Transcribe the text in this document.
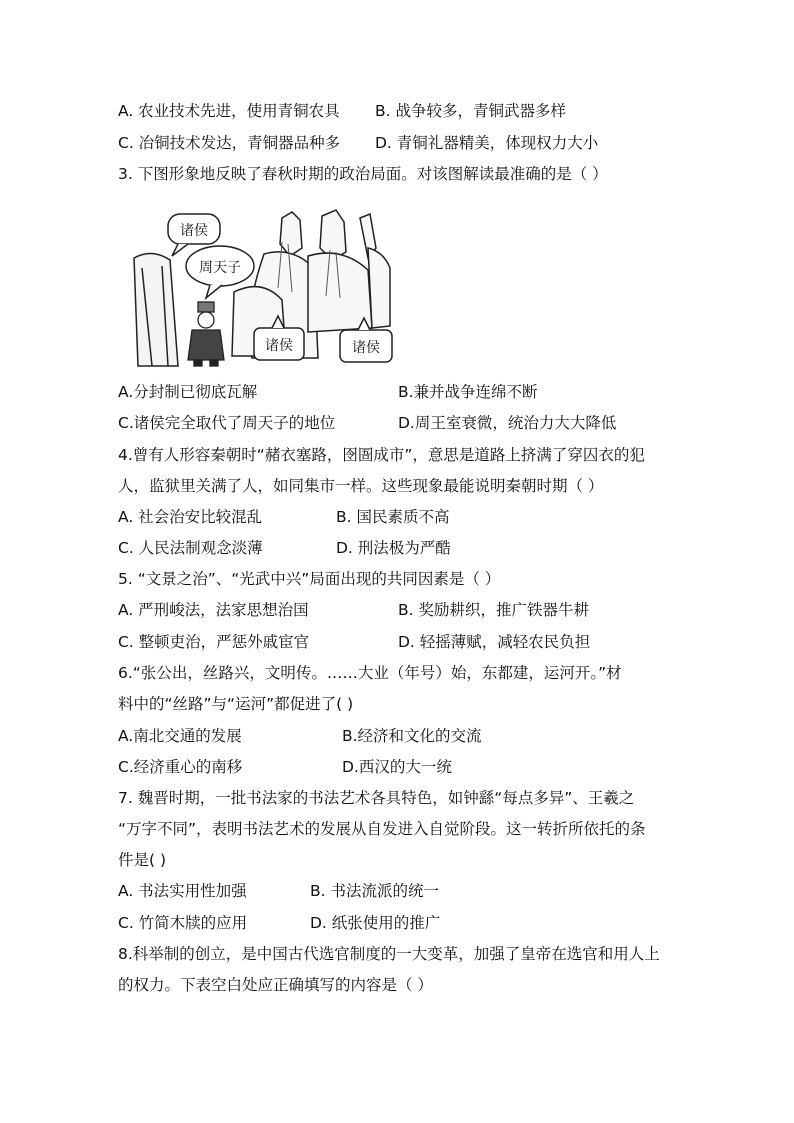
A. 农业技术先进，使用青铜农具 B. 战争较多，青铜武器多样
C. 冶铜技术发达，青铜器品种多 D. 青铜礼器精美，体现权力大小
3. 下图形象地反映了春秋时期的政治局面。对该图解读最准确的是（ ）
诸侯
周天子
诸侯	诸侯
A.分封制已彻底瓦解	B.兼并战争连绵不断
C.诸侯完全取代了周天子的地位	D.周王室衰微，统治力大大降低
4.曾有人形容秦朝时“赭衣塞路，囹圄成市”，意思是道路上挤满了穿囚衣的犯
人，监狱里关满了人，如同集市一样。这些现象最能说明秦朝时期（ ）
A. 社会治安比较混乱	B. 国民素质不高
C. 人民法制观念淡薄	D. 刑法极为严酷
5. “文景之治”、“光武中兴”局面出现的共同因素是（ ）
A. 严刑峻法，法家思想治国	B. 奖励耕织，推广铁器牛耕
C. 整顿吏治，严惩外戚宦官	D. 轻摇薄赋，减轻农民负担
6.“张公出，丝路兴，文明传。……大业（年号）始，东都建，运河开。”材
料中的“丝路”与“运河”都促进了( )
A.南北交通的发展	B.经济和文化的交流
C.经济重心的南移	D.西汉的大一统
7. 魏晋时期，一批书法家的书法艺术各具特色，如钟繇“每点多异”、王羲之
“万字不同”，表明书法艺术的发展从自发进入自觉阶段。这一转折所依托的条
件是( )
A. 书法实用性加强	B. 书法流派的统一
C. 竹简木牍的应用	D. 纸张使用的推广
8.科举制的创立，是中国古代选官制度的一大变革，加强了皇帝在选官和用人上
的权力。下表空白处应正确填写的内容是（ ）
